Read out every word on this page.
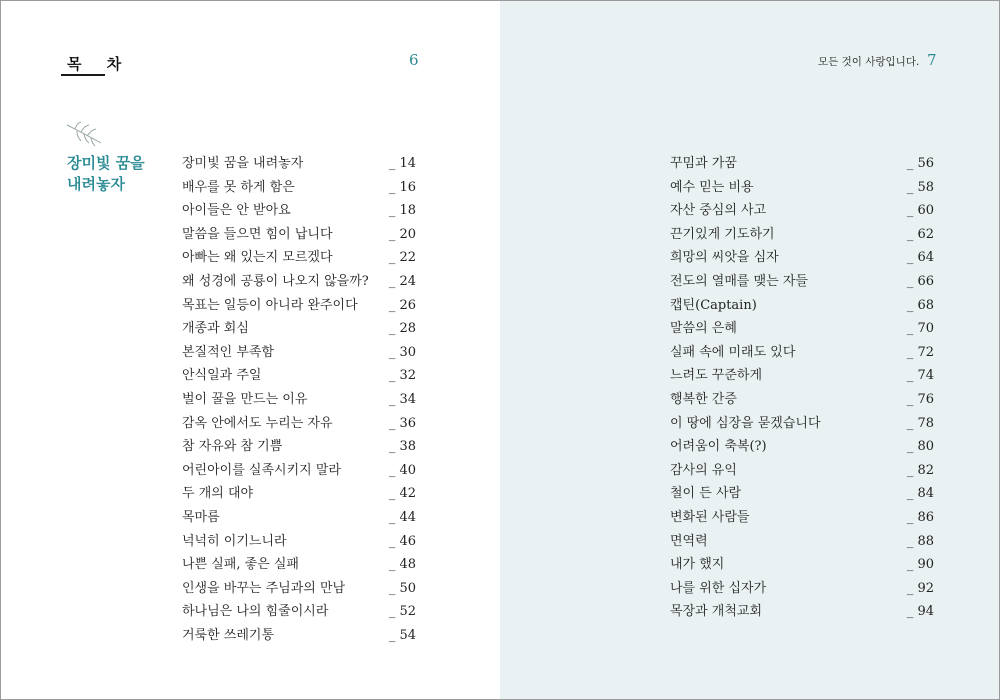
목 차	6
장미빛 꿈을 내려놓자
장미빛 꿈을 내려놓자	_ 14
배우를 못 하게 함은	_ 16
아이들은 안 받아요	_ 18
말씀을 들으면 힘이 납니다	_ 20
아빠는 왜 있는지 모르겠다	_ 22
왜 성경에 공룡이 나오지 않을까? _ 24
목표는 일등이 아니라 완주이다 _ 26
개종과 회심	_ 28
본질적인 부족함	_ 30
안식일과 주일	_ 32
벌이 꿀을 만드는 이유	_ 34
감옥 안에서도 누리는 자유	_ 36
참 자유와 참 기쁨	_ 38
어린아이를 실족시키지 말라	_ 40
두 개의 대야	_ 42
목마름	_ 44
넉넉히 이기느니라	_ 46
나쁜 실패, 좋은 실패	_ 48
인생을 바꾸는 주님과의 만남	_ 50
하나님은 나의 힘줄이시라	_ 52
거룩한 쓰레기통	_ 54
모든 것이 사랑입니다. 7
꾸밈과 가꿈	_ 56
예수 믿는 비용	_ 58
자산 중심의 사고	_ 60
끈기있게 기도하기	_ 62
희망의 씨앗을 심자	_ 64
전도의 열매를 맺는 자들	_ 66
캡틴(Captain)	_ 68
말씀의 은혜	_ 70
실패 속에 미래도 있다	_ 72
느려도 꾸준하게	_ 74
행복한 간증	_ 76
이 땅에 심장을 묻겠습니다	_ 78
어려움이 축복(?)	_ 80
감사의 유익	_ 82
철이 든 사람	_ 84
변화된 사람들	_ 86
면역력	_ 88
내가 했지	_ 90
나를 위한 십자가	_ 92
목장과 개척교회	_ 94
